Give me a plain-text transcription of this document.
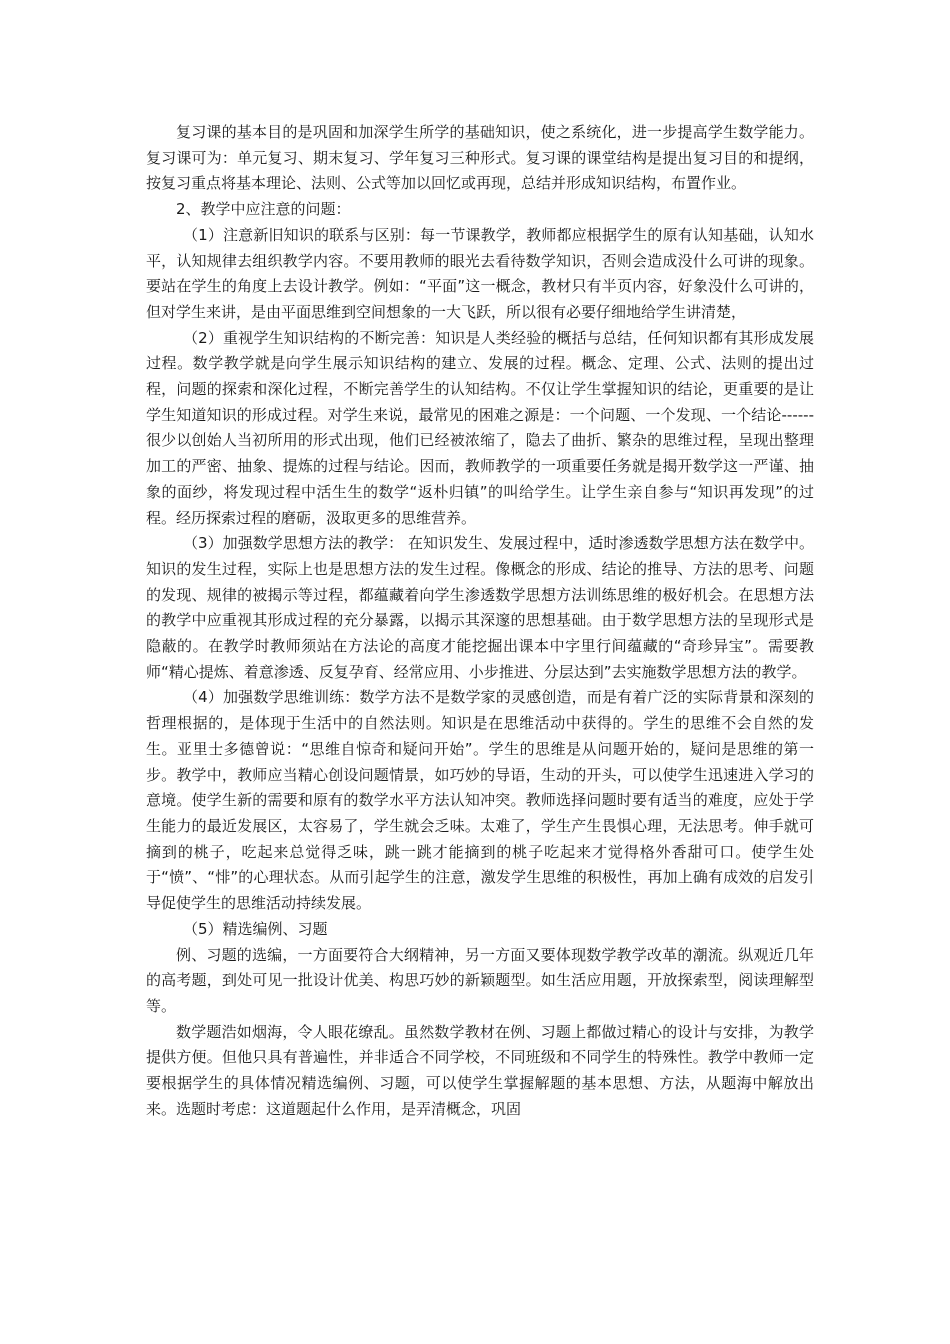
复习课的基本目的是巩固和加深学生所学的基础知识，使之系统化，进一步提高学生数学能力。复习课可为：单元复习、期末复习、学年复习三种形式。复习课的课堂结构是提出复习目的和提纲，按复习重点将基本理论、法则、公式等加以回忆或再现，总结并形成知识结构，布置作业。

2、教学中应注意的问题：

（1）注意新旧知识的联系与区别：每一节课教学，教师都应根据学生的原有认知基础，认知水平，认知规律去组织教学内容。不要用教师的眼光去看待数学知识，否则会造成没什么可讲的现象。要站在学生的角度上去设计教学。例如：“平面”这一概念，教材只有半页内容，好象没什么可讲的，但对学生来讲，是由平面思维到空间想象的一大飞跃，所以很有必要仔细地给学生讲清楚，

（2）重视学生知识结构的不断完善：知识是人类经验的概括与总结，任何知识都有其形成发展过程。数学教学就是向学生展示知识结构的建立、发展的过程。概念、定理、公式、法则的提出过程，问题的探索和深化过程，不断完善学生的认知结构。不仅让学生掌握知识的结论，更重要的是让学生知道知识的形成过程。对学生来说，最常见的困难之源是：一个问题、一个发现、一个结论------很少以创始人当初所用的形式出现，他们已经被浓缩了，隐去了曲折、繁杂的思维过程，呈现出整理加工的严密、抽象、提炼的过程与结论。因而，教师教学的一项重要任务就是揭开数学这一严谨、抽象的面纱，将发现过程中活生生的数学“返朴归镇”的叫给学生。让学生亲自参与“知识再发现”的过程。经历探索过程的磨砺，汲取更多的思维营养。

（3）加强数学思想方法的教学： 在知识发生、发展过程中，适时渗透数学思想方法在数学中。知识的发生过程，实际上也是思想方法的发生过程。像概念的形成、结论的推导、方法的思考、问题的发现、规律的被揭示等过程，都蕴藏着向学生渗透数学思想方法训练思维的极好机会。在思想方法的教学中应重视其形成过程的充分暴露，以揭示其深邃的思想基础。由于数学思想方法的呈现形式是隐蔽的。在教学时教师须站在方法论的高度才能挖掘出课本中字里行间蕴藏的“奇珍异宝”。需要教师“精心提炼、着意渗透、反复孕育、经常应用、小步推进、分层达到”去实施数学思想方法的教学。

（4）加强数学思维训练：数学方法不是数学家的灵感创造，而是有着广泛的实际背景和深刻的哲理根据的，是体现于生活中的自然法则。知识是在思维活动中获得的。学生的思维不会自然的发生。亚里士多德曾说：“思维自惊奇和疑问开始”。学生的思维是从问题开始的，疑问是思维的第一步。教学中，教师应当精心创设问题情景，如巧妙的导语，生动的开头，可以使学生迅速进入学习的意境。使学生新的需要和原有的数学水平方法认知冲突。教师选择问题时要有适当的难度，应处于学生能力的最近发展区，太容易了，学生就会乏味。太难了，学生产生畏惧心理，无法思考。伸手就可摘到的桃子，吃起来总觉得乏味，跳一跳才能摘到的桃子吃起来才觉得格外香甜可口。使学生处于“愤”、“悱”的心理状态。从而引起学生的注意，激发学生思维的积极性，再加上确有成效的启发引导促使学生的思维活动持续发展。

（5）精选编例、习题

例、习题的选编，一方面要符合大纲精神，另一方面又要体现数学教学改革的潮流。纵观近几年的高考题，到处可见一批设计优美、构思巧妙的新颖题型。如生活应用题，开放探索型，阅读理解型等。

数学题浩如烟海，令人眼花缭乱。虽然数学教材在例、习题上都做过精心的设计与安排，为教学提供方便。但他只具有普遍性，并非适合不同学校，不同班级和不同学生的特殊性。教学中教师一定要根据学生的具体情况精选编例、习题，可以使学生掌握解题的基本思想、方法，从题海中解放出来。选题时考虑：这道题起什么作用，是弄清概念，巩固
